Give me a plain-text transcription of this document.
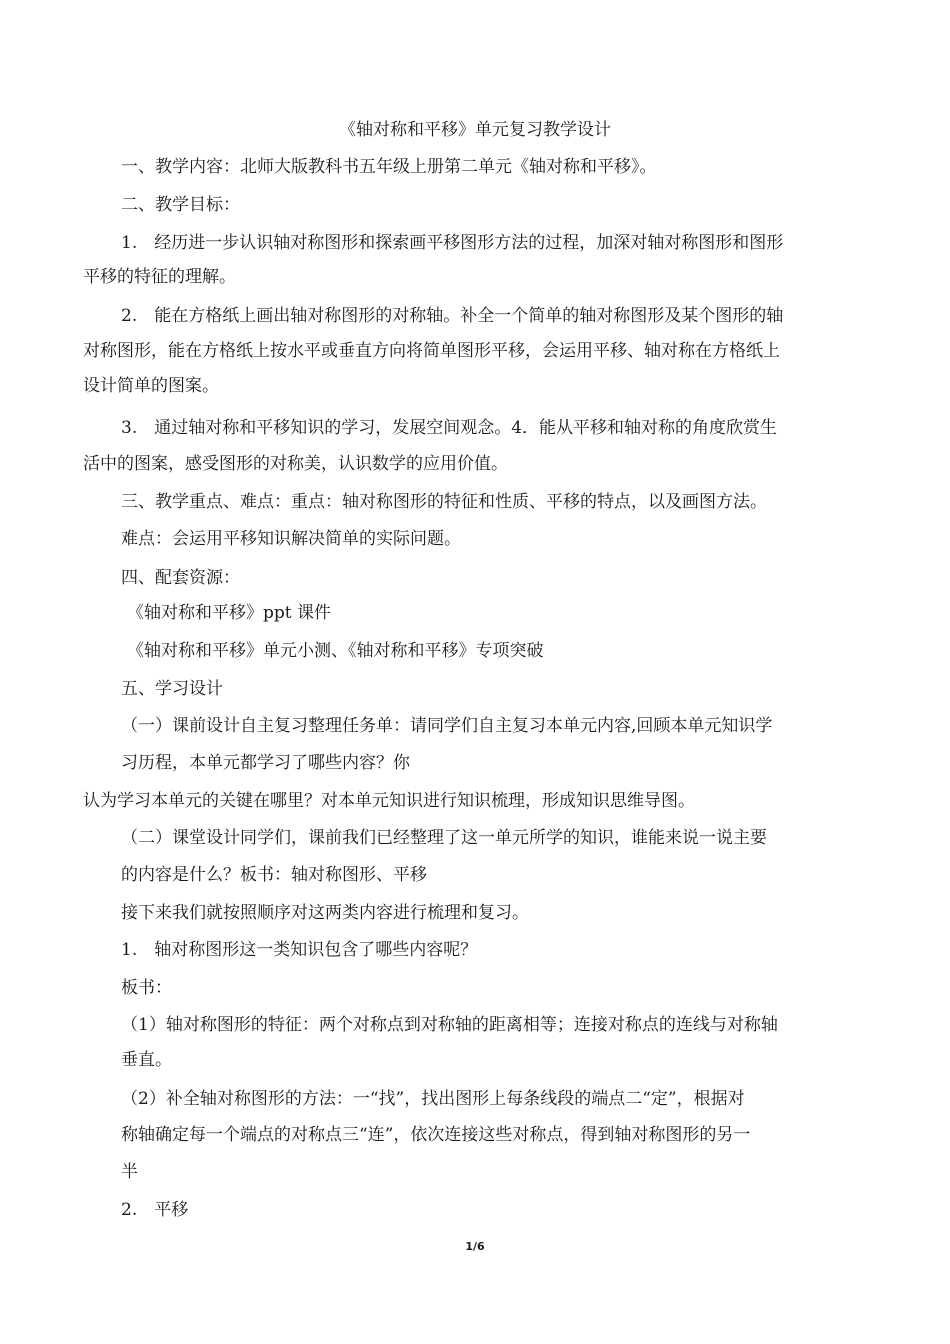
《轴对称和平移》单元复习教学设计
一、教学内容：北师大版教科书五年级上册第二单元《轴对称和平移》。
二、教学目标：
1.　经历进一步认识轴对称图形和探索画平移图形方法的过程，加深对轴对称图形和图形
平移的特征的理解。
2.　能在方格纸上画出轴对称图形的对称轴。补全一个简单的轴对称图形及某个图形的轴
对称图形，能在方格纸上按水平或垂直方向将简单图形平移，会运用平移、轴对称在方格纸上
设计简单的图案。
3.　通过轴对称和平移知识的学习，发展空间观念。4．能从平移和轴对称的角度欣赏生
活中的图案，感受图形的对称美，认识数学的应用价值。
三、教学重点、难点：重点：轴对称图形的特征和性质、平移的特点，以及画图方法。
难点：会运用平移知识解决简单的实际问题。
四、配套资源：
《轴对称和平移》ppt 课件
《轴对称和平移》单元小测、《轴对称和平移》专项突破
五、学习设计
（一）课前设计自主复习整理任务单：请同学们自主复习本单元内容,回顾本单元知识学
习历程，本单元都学习了哪些内容？你
认为学习本单元的关键在哪里？对本单元知识进行知识梳理，形成知识思维导图。
（二）课堂设计同学们，课前我们已经整理了这一单元所学的知识，谁能来说一说主要
的内容是什么？板书：轴对称图形、平移
接下来我们就按照顺序对这两类内容进行梳理和复习。
1.　轴对称图形这一类知识包含了哪些内容呢？
板书：
（1）轴对称图形的特征：两个对称点到对称轴的距离相等；连接对称点的连线与对称轴
垂直。
（2）补全轴对称图形的方法：一“找”，找出图形上每条线段的端点二“定”，根据对
称轴确定每一个端点的对称点三“连”，依次连接这些对称点，得到轴对称图形的另一
半
2.　平移
1/6
